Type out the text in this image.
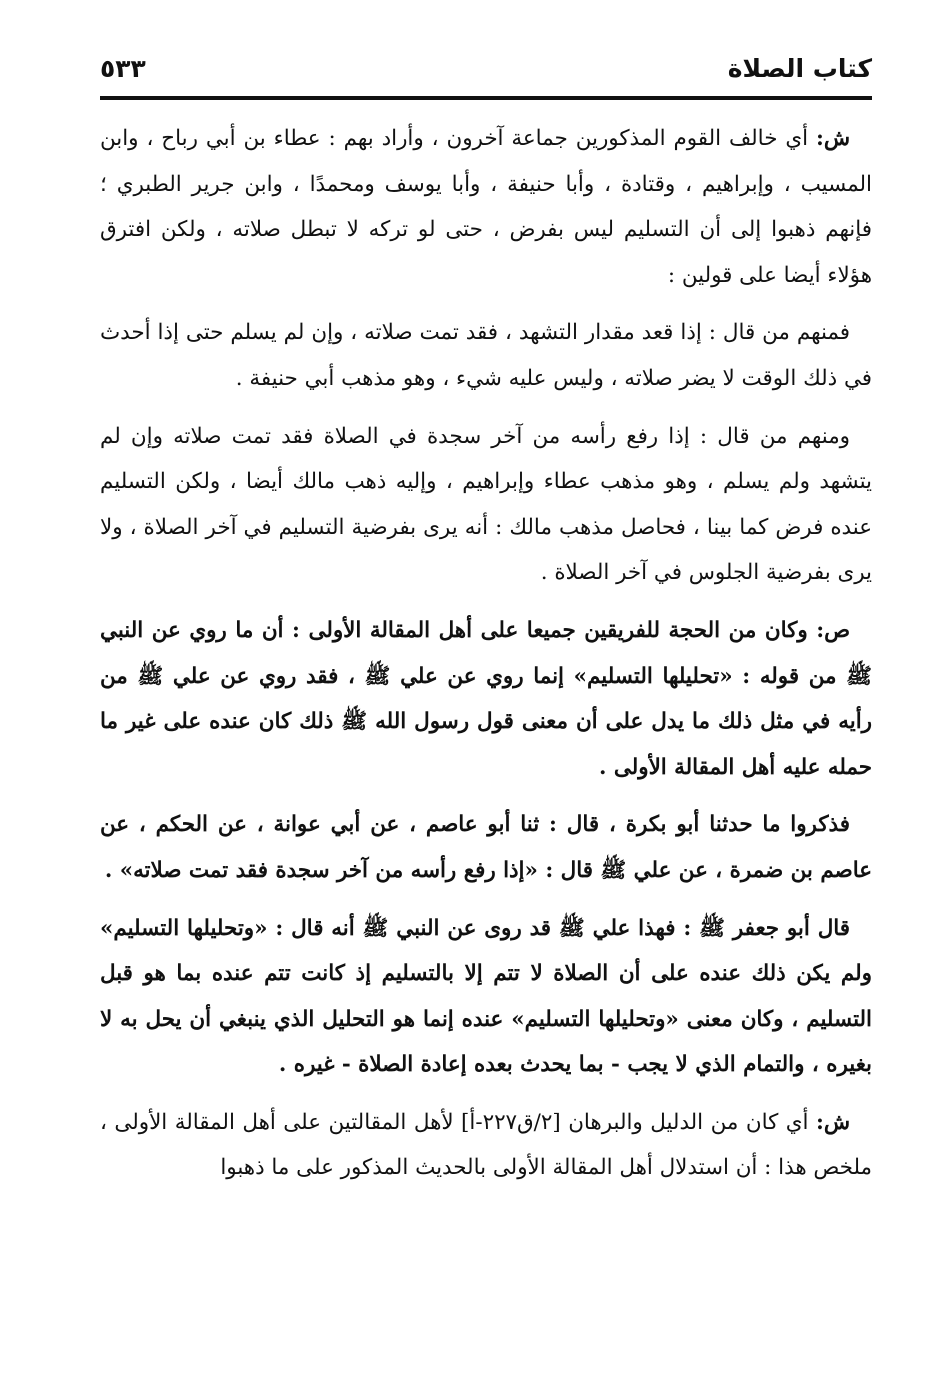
كتاب الصلاة
٥٣٣

ش: أي خالف القوم المذكورين جماعة آخرون ، وأراد بهم : عطاء بن أبي رباح ، وابن المسيب ، وإبراهيم ، وقتادة ، وأبا حنيفة ، وأبا يوسف ومحمدًا ، وابن جرير الطبري ؛ فإنهم ذهبوا إلى أن التسليم ليس بفرض ، حتى لو تركه لا تبطل صلاته ، ولكن افترق هؤلاء أيضا على قولين :

فمنهم من قال : إذا قعد مقدار التشهد ، فقد تمت صلاته ، وإن لم يسلم حتى إذا أحدث في ذلك الوقت لا يضر صلاته ، وليس عليه شيء ، وهو مذهب أبي حنيفة .

ومنهم من قال : إذا رفع رأسه من آخر سجدة في الصلاة فقد تمت صلاته وإن لم يتشهد ولم يسلم ، وهو مذهب عطاء وإبراهيم ، وإليه ذهب مالك أيضا ، ولكن التسليم عنده فرض كما بينا ، فحاصل مذهب مالك : أنه يرى بفرضية التسليم في آخر الصلاة ، ولا يرى بفرضية الجلوس في آخر الصلاة .

ص: وكان من الحجة للفريقين جميعا على أهل المقالة الأولى : أن ما روي عن النبي ﷺ من قوله : «تحليلها التسليم» إنما روي عن علي ﷺ ، فقد روي عن علي ﷺ من رأيه في مثل ذلك ما يدل على أن معنى قول رسول الله ﷺ ذلك كان عنده على غير ما حمله عليه أهل المقالة الأولى .

فذكروا ما حدثنا أبو بكرة ، قال : ثنا أبو عاصم ، عن أبي عوانة ، عن الحكم ، عن عاصم بن ضمرة ، عن علي ﷺ قال : «إذا رفع رأسه من آخر سجدة فقد تمت صلاته» .

قال أبو جعفر ﷺ : فهذا علي ﷺ قد روى عن النبي ﷺ أنه قال : «وتحليلها التسليم» ولم يكن ذلك عنده على أن الصلاة لا تتم إلا بالتسليم إذ كانت تتم عنده بما هو قبل التسليم ، وكان معنى «وتحليلها التسليم» عنده إنما هو التحليل الذي ينبغي أن يحل به لا بغيره ، والتمام الذي لا يجب - بما يحدث بعده إعادة الصلاة - غيره .

ش: أي كان من الدليل والبرهان [٢/ق٢٢٧-أ] لأهل المقالتين على أهل المقالة الأولى ، ملخص هذا : أن استدلال أهل المقالة الأولى بالحديث المذكور على ما ذهبوا
